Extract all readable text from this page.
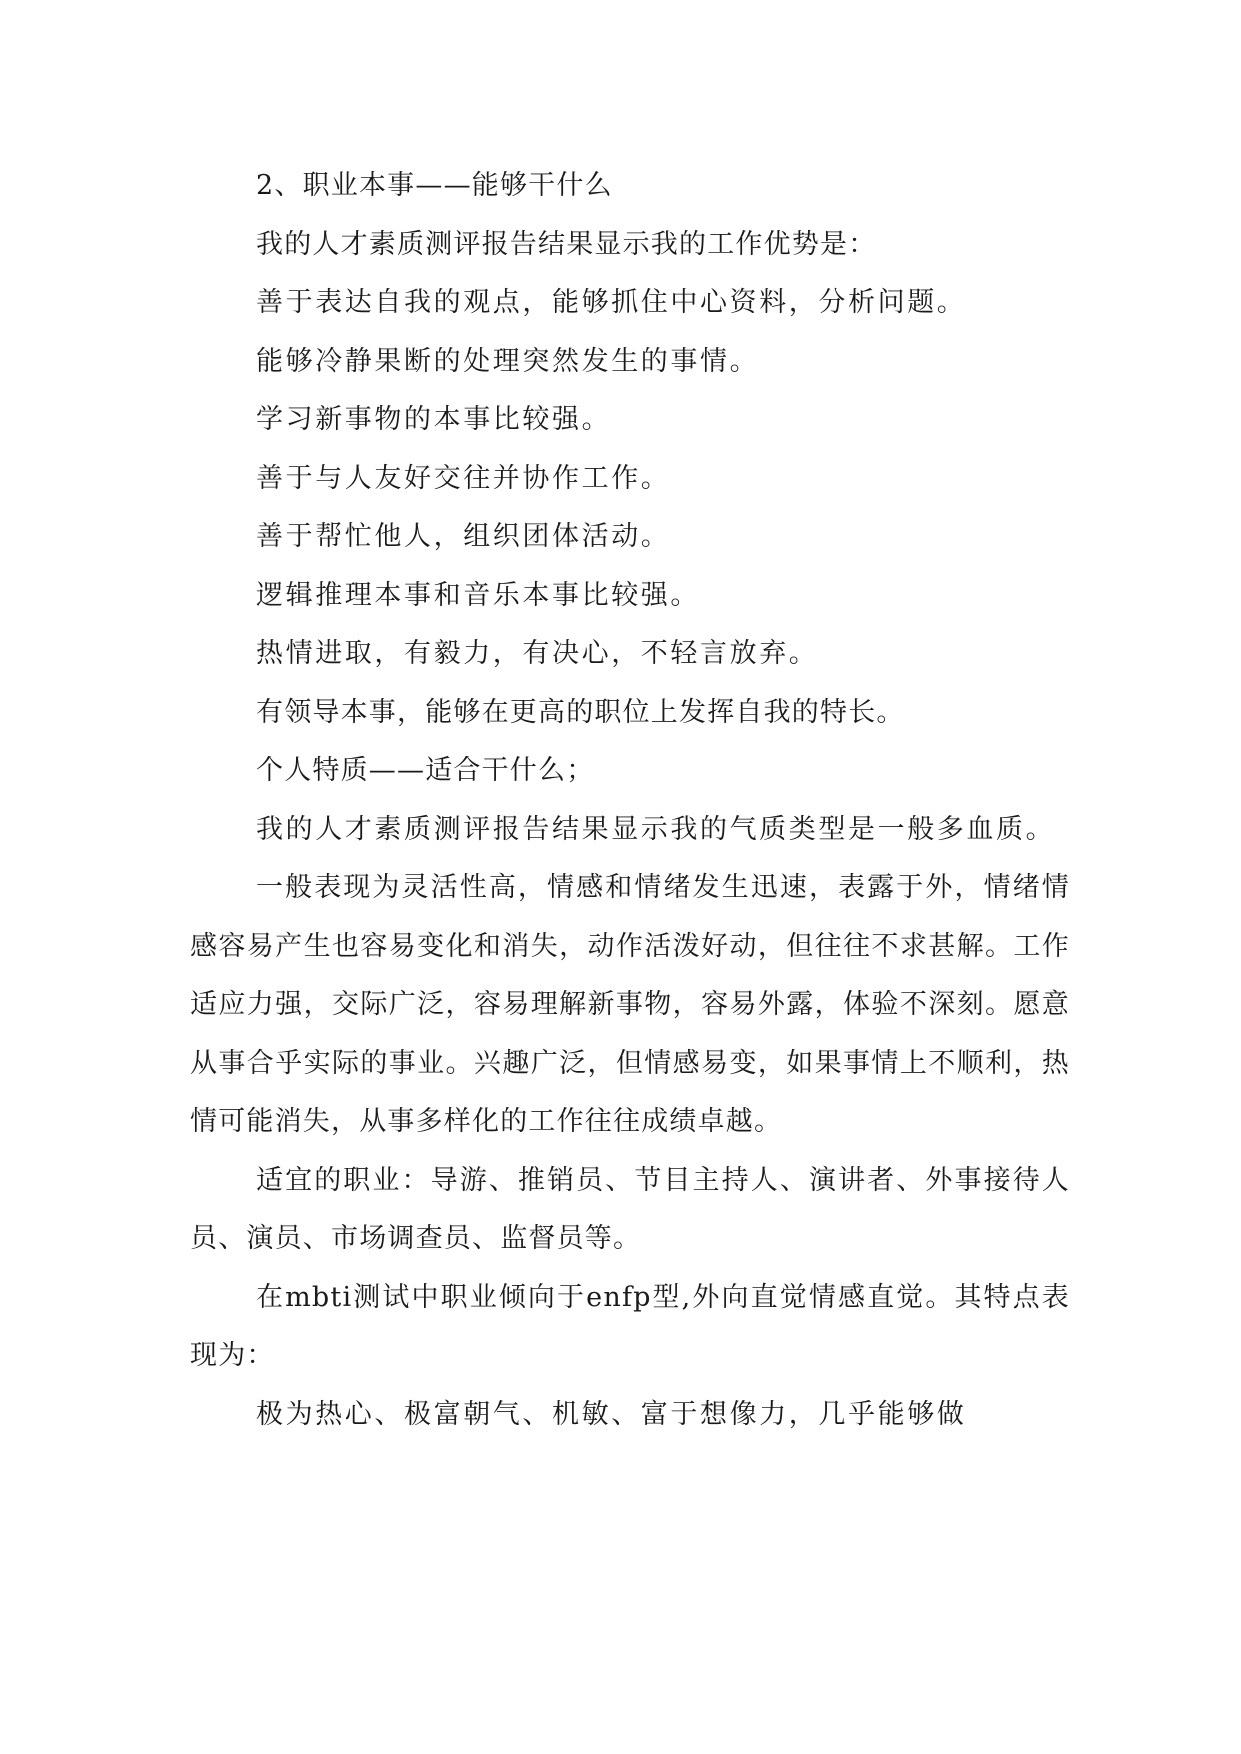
2、职业本事——能够干什么

我的人才素质测评报告结果显示我的工作优势是：

善于表达自我的观点，能够抓住中心资料，分析问题。

能够冷静果断的处理突然发生的事情。

学习新事物的本事比较强。

善于与人友好交往并协作工作。

善于帮忙他人，组织团体活动。

逻辑推理本事和音乐本事比较强。

热情进取，有毅力，有决心，不轻言放弃。

有领导本事，能够在更高的职位上发挥自我的特长。

个人特质——适合干什么；

我的人才素质测评报告结果显示我的气质类型是一般多血质。

一般表现为灵活性高，情感和情绪发生迅速，表露于外，情绪情感容易产生也容易变化和消失，动作活泼好动，但往往不求甚解。工作适应力强，交际广泛，容易理解新事物，容易外露，体验不深刻。愿意从事合乎实际的事业。兴趣广泛，但情感易变，如果事情上不顺利，热情可能消失，从事多样化的工作往往成绩卓越。

适宜的职业：导游、推销员、节目主持人、演讲者、外事接待人员、演员、市场调查员、监督员等。

在mbti测试中职业倾向于enfp型,外向直觉情感直觉。其特点表现为：

极为热心、极富朝气、机敏、富于想像力，几乎能够做
